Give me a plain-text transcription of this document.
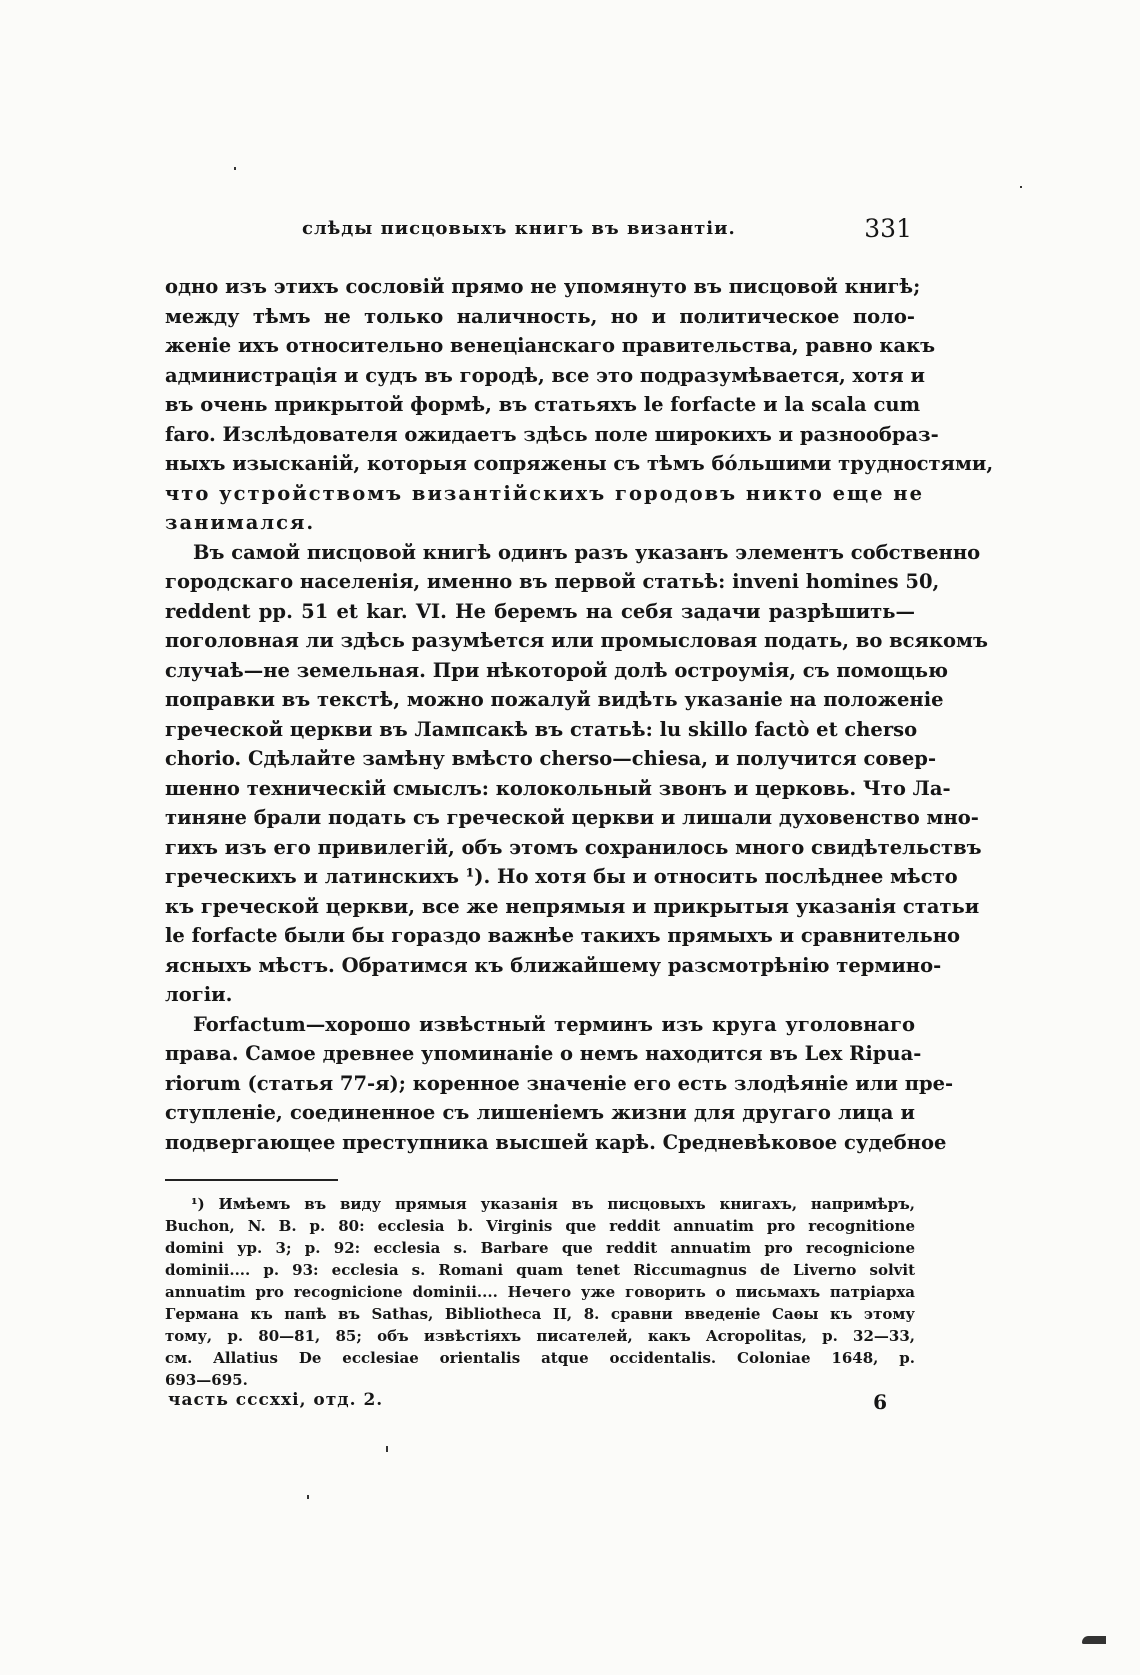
слѣды писцовыхъ книгъ въ византіи.	331
одно изъ этихъ сословій прямо не упомянуто въ писцовой книгѣ;
между тѣмъ не только наличность, но и политическое поло-
женіе ихъ относительно венеціанскаго правительства, равно какъ
администрація и судъ въ городѣ, все это подразумѣвается, хотя и
въ очень прикрытой формѣ, въ статьяхъ le forfacte и la scala cum
faro. Изслѣдователя ожидаетъ здѣсь поле широкихъ и разнообраз-
ныхъ изысканій, которыя сопряжены съ тѣмъ бо́льшими трудностями,
что устройствомъ византійскихъ городовъ никто еще не
занимался.
Въ самой писцовой книгѣ одинъ разъ указанъ элементъ собственно
городскаго населенія, именно въ первой статьѣ: inveni homines 50,
reddent pp. 51 et kar. VI. Не беремъ на себя задачи разрѣшить—
поголовная ли здѣсь разумѣется или промысловая подать, во всякомъ
случаѣ—не земельная. При нѣкоторой долѣ остроумія, съ помощью
поправки въ текстѣ, можно пожалуй видѣть указаніе на положеніе
греческой церкви въ Лампсакѣ въ статьѣ: lu skillo factò et cherso
chorio. Сдѣлайте замѣну вмѣсто cherso—chiesa, и получится совер-
шенно техническій смыслъ: колокольный звонъ и церковь. Что Ла-
тиняне брали подать съ греческой церкви и лишали духовенство мно-
гихъ изъ его привилегій, объ этомъ сохранилось много свидѣтельствъ
греческихъ и латинскихъ ¹). Но хотя бы и относить послѣднее мѣсто
къ греческой церкви, все же непрямыя и прикрытыя указанія статьи
le forfacte были бы гораздо важнѣе такихъ прямыхъ и сравнительно
ясныхъ мѣстъ. Обратимся къ ближайшему разсмотрѣнію термино-
логіи.
Forfactum—хорошо извѣстный терминъ изъ круга уголовнаго
права. Самое древнее упоминаніе о немъ находится въ Lex Ripua-
riorum (статья 77-я); коренное значеніе его есть злодѣяніе или пре-
ступленіе, соединенное съ лишеніемъ жизни для другаго лица и
подвергающее преступника высшей карѣ. Средневѣковое судебное
¹) Имѣемъ въ виду прямыя указанія въ писцовыхъ книгахъ, напримѣръ,
Buchon, N. B. p. 80: ecclesia b. Virginis que reddit annuatim pro recognitione
domini ур. 3; p. 92: ecclesia s. Barbare que reddit annuatim pro recognicione
dominii.... p. 93: ecclesia s. Romani quam tenet Riccumagnus de Liverno solvit
annuatim pro recognicione dominii.... Нечего уже говорить о письмахъ патріарха
Германа къ папѣ въ Sathas, Bibliotheca II, 8. сравни введеніе Саѳы къ этому
тому, p. 80—81, 85; объ извѣстіяхъ писателей, какъ Acropolitas, p. 32—33,
см. Allatius De ecclesiae orientalis atque occidentalis. Coloniae 1648, p.
693—695.
часть cccxxi, отд. 2.	6
